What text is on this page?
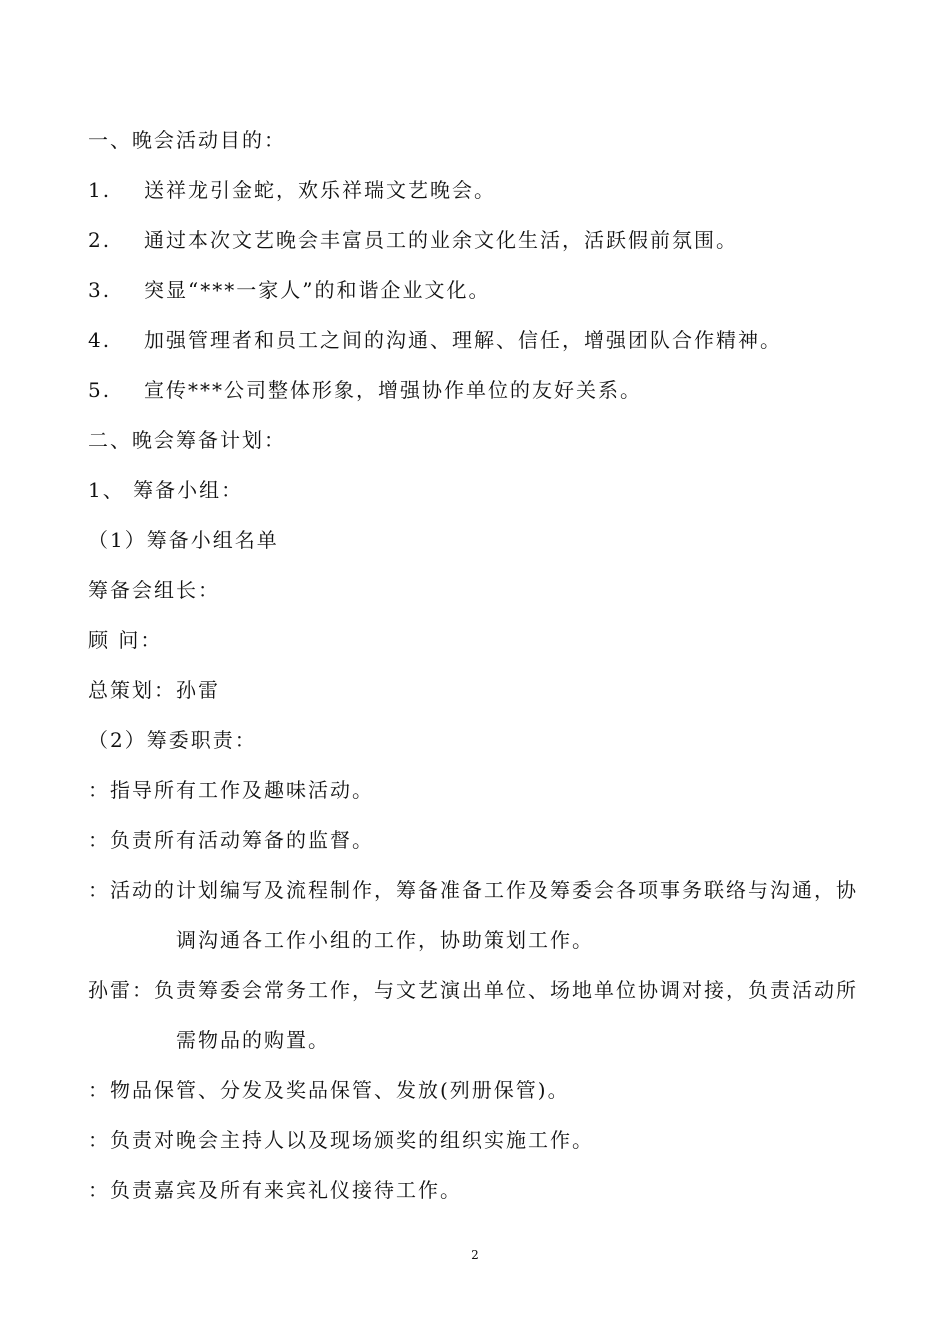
一、晚会活动目的：
1. 送祥龙引金蛇，欢乐祥瑞文艺晚会。
2. 通过本次文艺晚会丰富员工的业余文化生活，活跃假前氛围。
3. 突显“***一家人”的和谐企业文化。
4. 加强管理者和员工之间的沟通、理解、信任，增强团队合作精神。
5. 宣传***公司整体形象，增强协作单位的友好关系。
二、晚会筹备计划：
1、 筹备小组：
（1）筹备小组名单
筹备会组长：
顾 问：
总策划：孙雷
（2）筹委职责：
：指导所有工作及趣味活动。
：负责所有活动筹备的监督。
：活动的计划编写及流程制作，筹备准备工作及筹委会各项事务联络与沟通，协
调沟通各工作小组的工作，协助策划工作。
孙雷：负责筹委会常务工作，与文艺演出单位、场地单位协调对接，负责活动所
需物品的购置。
：物品保管、分发及奖品保管、发放(列册保管)。
：负责对晚会主持人以及现场颁奖的组织实施工作。
：负责嘉宾及所有来宾礼仪接待工作。
2
